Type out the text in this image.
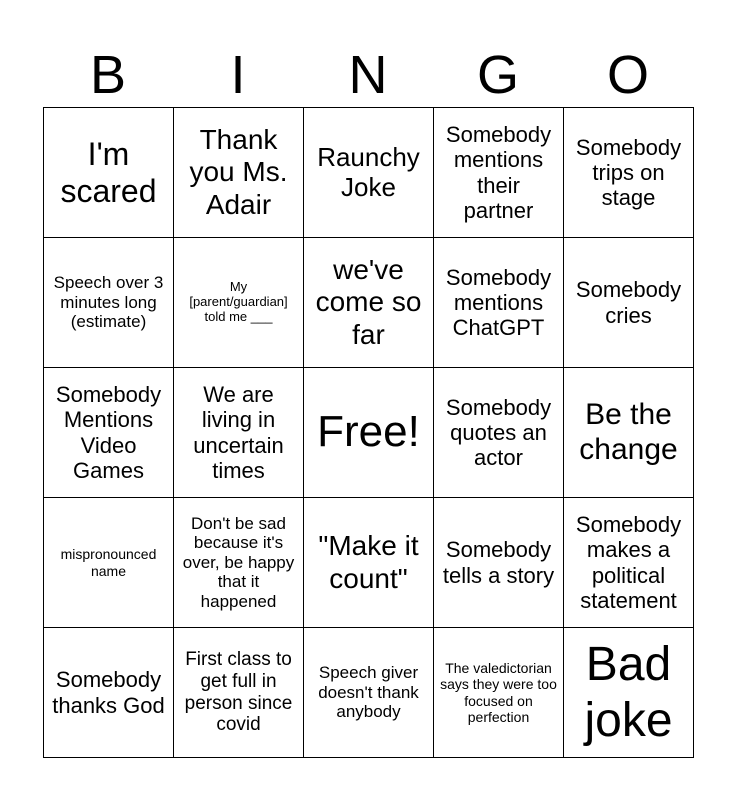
B	I	N	G	O
I'm scared	Thank you Ms. Adair	Raunchy Joke	Somebody mentions their partner	Somebody trips on stage
Speech over 3 minutes long (estimate)	My [parent/guardian] told me ___	we've come so far	Somebody mentions ChatGPT	Somebody cries
Somebody Mentions Video Games	We are living in uncertain times	Free!	Somebody quotes an actor	Be the change
mispronounced name	Don't be sad because it's over, be happy that it happened	"Make it count"	Somebody tells a story	Somebody makes a political statement
Somebody thanks God	First class to get full in person since covid	Speech giver doesn't thank anybody	The valedictorian says they were too focused on perfection	Bad joke
